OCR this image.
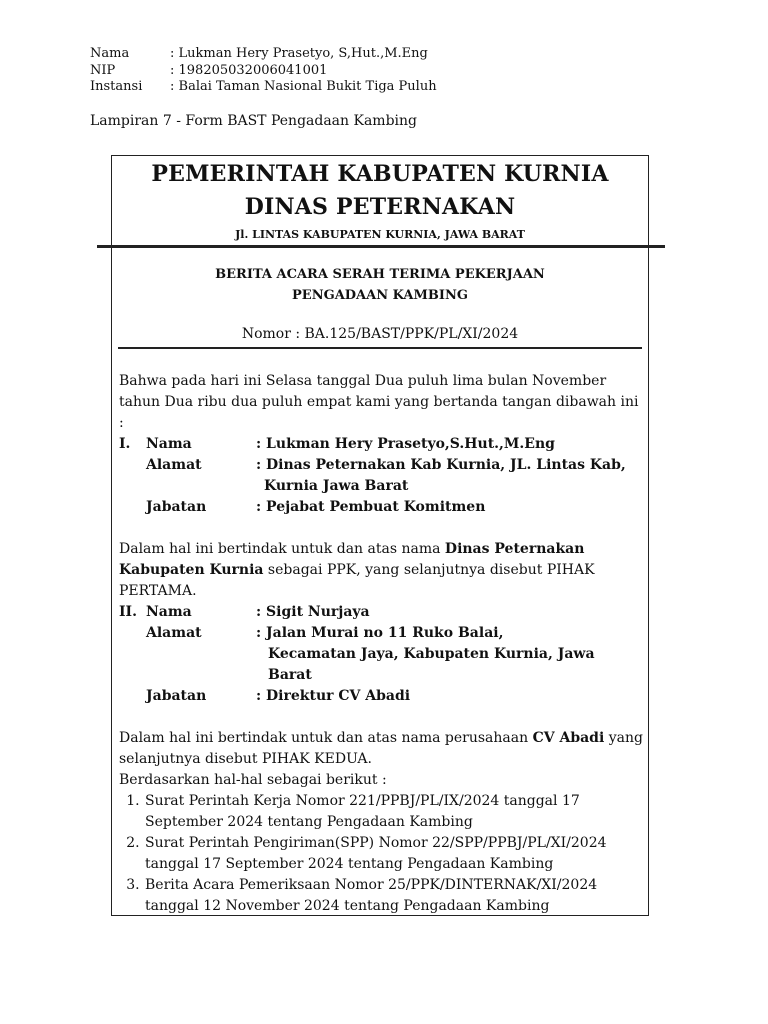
Nama	: Lukman Hery Prasetyo, S,Hut.,M.Eng
NIP	: 198205032006041001
Instansi	: Balai Taman Nasional Bukit Tiga Puluh
Lampiran 7 - Form BAST Pengadaan Kambing
PEMERINTAH KABUPATEN KURNIA
DINAS PETERNAKAN
Jl. LINTAS KABUPATEN KURNIA, JAWA BARAT
BERITA ACARA SERAH TERIMA PEKERJAAN
PENGADAAN KAMBING
Nomor : BA.125/BAST/PPK/PL/XI/2024

Bahwa pada hari ini Selasa tanggal Dua puluh lima bulan November tahun Dua ribu dua puluh empat kami yang bertanda tangan dibawah ini :

I.	Nama	: Lukman Hery Prasetyo,S.Hut.,M.Eng
Alamat	: Dinas Peternakan Kab Kurnia, JL. Lintas Kab,
Kurnia Jawa Barat
Jabatan	: Pejabat Pembuat Komitmen

Dalam hal ini bertindak untuk dan atas nama Dinas Peternakan Kabupaten Kurnia sebagai PPK, yang selanjutnya disebut PIHAK PERTAMA.

II. Nama	: Sigit Nurjaya
Alamat	: Jalan Murai no 11 Ruko Balai,
Kecamatan Jaya, Kabupaten Kurnia, Jawa
Barat
Jabatan	: Direktur CV Abadi

Dalam hal ini bertindak untuk dan atas nama perusahaan CV Abadi yang selanjutnya disebut PIHAK KEDUA.

Berdasarkan hal-hal sebagai berikut :

1. Surat Perintah Kerja Nomor 221/PPBJ/PL/IX/2024 tanggal 17 September 2024 tentang Pengadaan Kambing
2. Surat Perintah Pengiriman(SPP) Nomor 22/SPP/PPBJ/PL/XI/2024 tanggal 17 September 2024 tentang Pengadaan Kambing
3. Berita Acara Pemeriksaan Nomor 25/PPK/DINTERNAK/XI/2024 tanggal 12 November 2024 tentang Pengadaan Kambing
